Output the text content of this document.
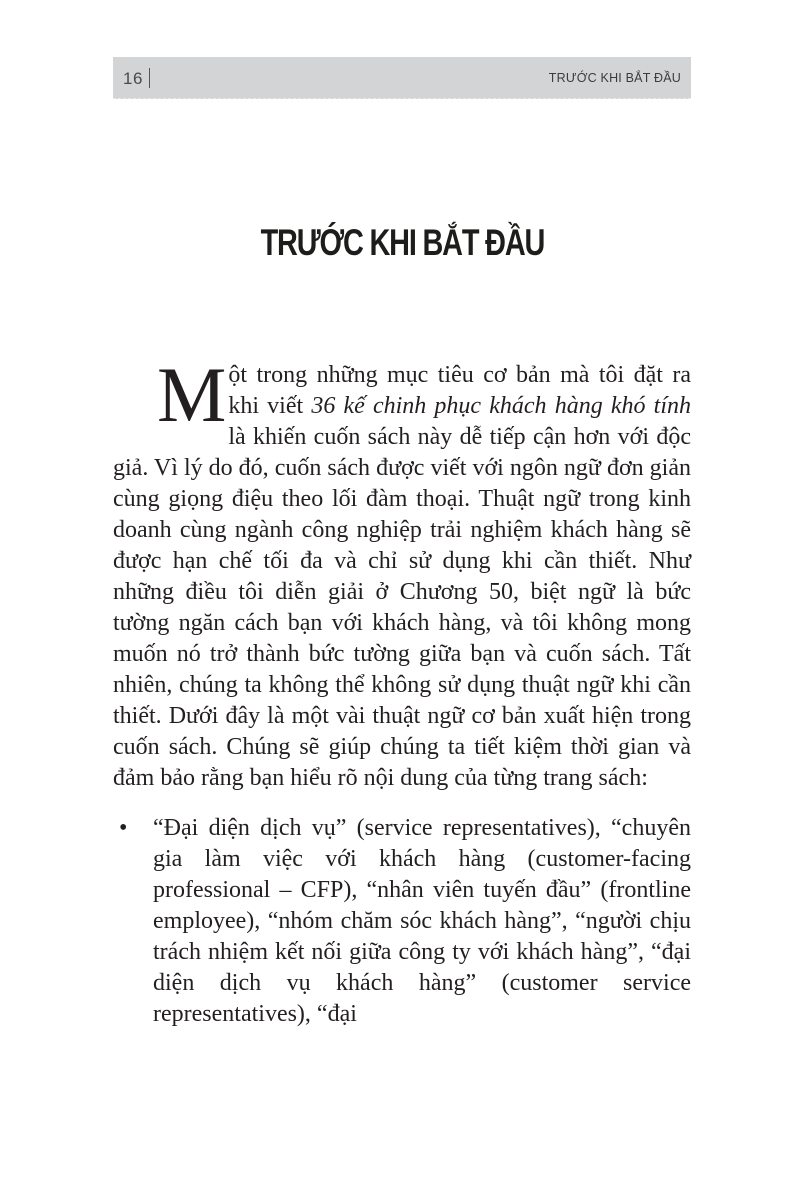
16	TRƯỚC KHI BẮT ĐẦU
TRƯỚC KHI BẮT ĐẦU

Một trong những mục tiêu cơ bản mà tôi đặt ra khi viết 36 kế chinh phục khách hàng khó tính là khiến cuốn sách này dễ tiếp cận hơn với độc giả. Vì lý do đó, cuốn sách được viết với ngôn ngữ đơn giản cùng giọng điệu theo lối đàm thoại. Thuật ngữ trong kinh doanh cùng ngành công nghiệp trải nghiệm khách hàng sẽ được hạn chế tối đa và chỉ sử dụng khi cần thiết. Như những điều tôi diễn giải ở Chương 50, biệt ngữ là bức tường ngăn cách bạn với khách hàng, và tôi không mong muốn nó trở thành bức tường giữa bạn và cuốn sách. Tất nhiên, chúng ta không thể không sử dụng thuật ngữ khi cần thiết. Dưới đây là một vài thuật ngữ cơ bản xuất hiện trong cuốn sách. Chúng sẽ giúp chúng ta tiết kiệm thời gian và đảm bảo rằng bạn hiểu rõ nội dung của từng trang sách:

• “Đại diện dịch vụ” (service representatives), “chuyên gia làm việc với khách hàng (customer-facing professional – CFP), “nhân viên tuyến đầu” (frontline employee), “nhóm chăm sóc khách hàng”, “người chịu trách nhiệm kết nối giữa công ty với khách hàng”, “đại diện dịch vụ khách hàng” (customer service representatives), “đại
